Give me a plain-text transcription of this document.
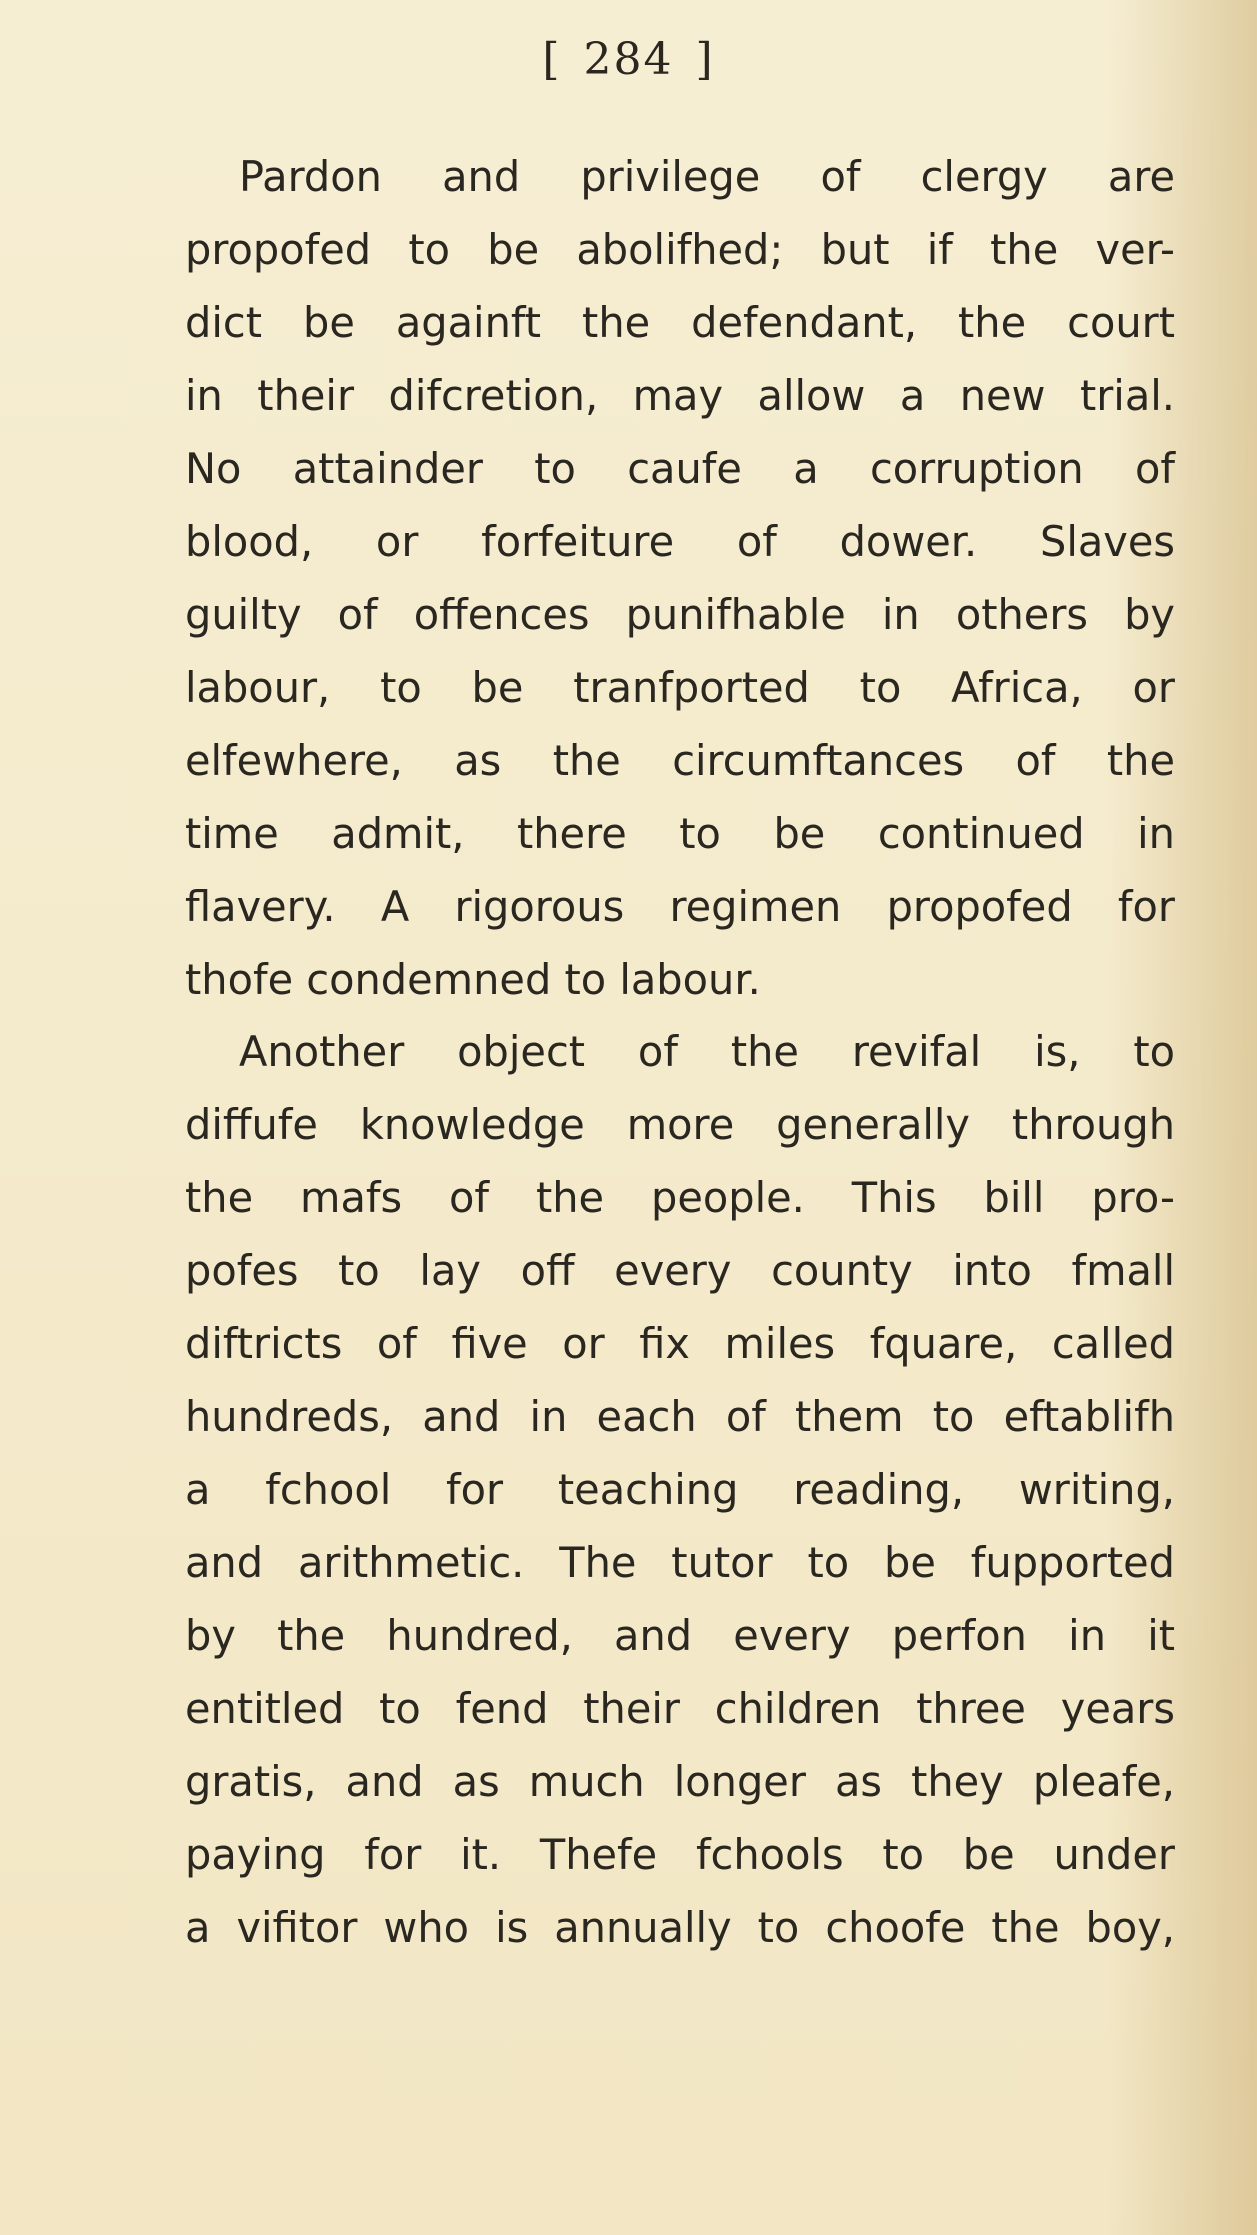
[ 284 ]
Pardon and privilege of clergy are
propofed to be abolifhed; but if the ver-
dict be againft the defendant, the court
in their difcretion, may allow a new trial.
No attainder to caufe a corruption of
blood, or forfeiture of dower. Slaves
guilty of offences punifhable in others by
labour, to be tranfported to Africa, or
elfewhere, as the circumftances of the
time admit, there to be continued in
flavery. A rigorous regimen propofed for
thofe condemned to labour.
Another object of the revifal is, to
diffufe knowledge more generally through
the mafs of the people. This bill pro-
pofes to lay off every county into fmall
diftricts of five or fix miles fquare, called
hundreds, and in each of them to eftablifh
a fchool for teaching reading, writing,
and arithmetic. The tutor to be fupported
by the hundred, and every perfon in it
entitled to fend their children three years
gratis, and as much longer as they pleafe,
paying for it. Thefe fchools to be under
a vifitor who is annually to choofe the boy,
